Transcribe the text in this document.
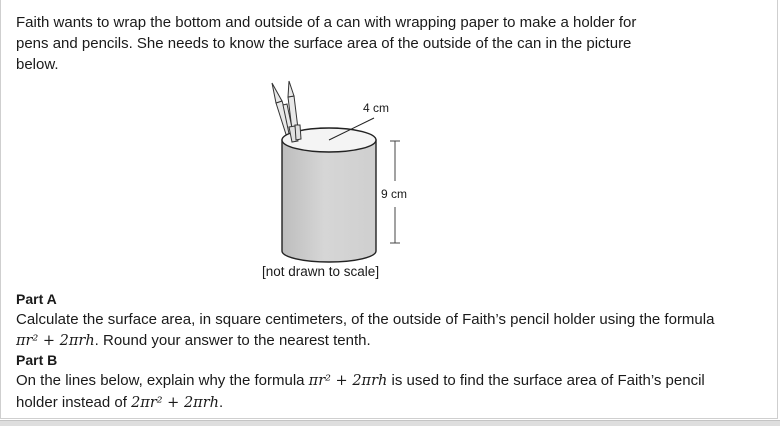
Faith wants to wrap the bottom and outside of a can with wrapping paper to make a holder for pens and pencils. She needs to know the surface area of the outside of the can in the picture below.

4 cm
9 cm
[not drawn to scale]
Part A

Calculate the surface area, in square centimeters, of the outside of Faith’s pencil holder using the formula πr² + 2πrh. Round your answer to the nearest tenth.

Part B

On the lines below, explain why the formula πr² + 2πrh is used to find the surface area of Faith’s pencil holder instead of 2πr² + 2πrh.
